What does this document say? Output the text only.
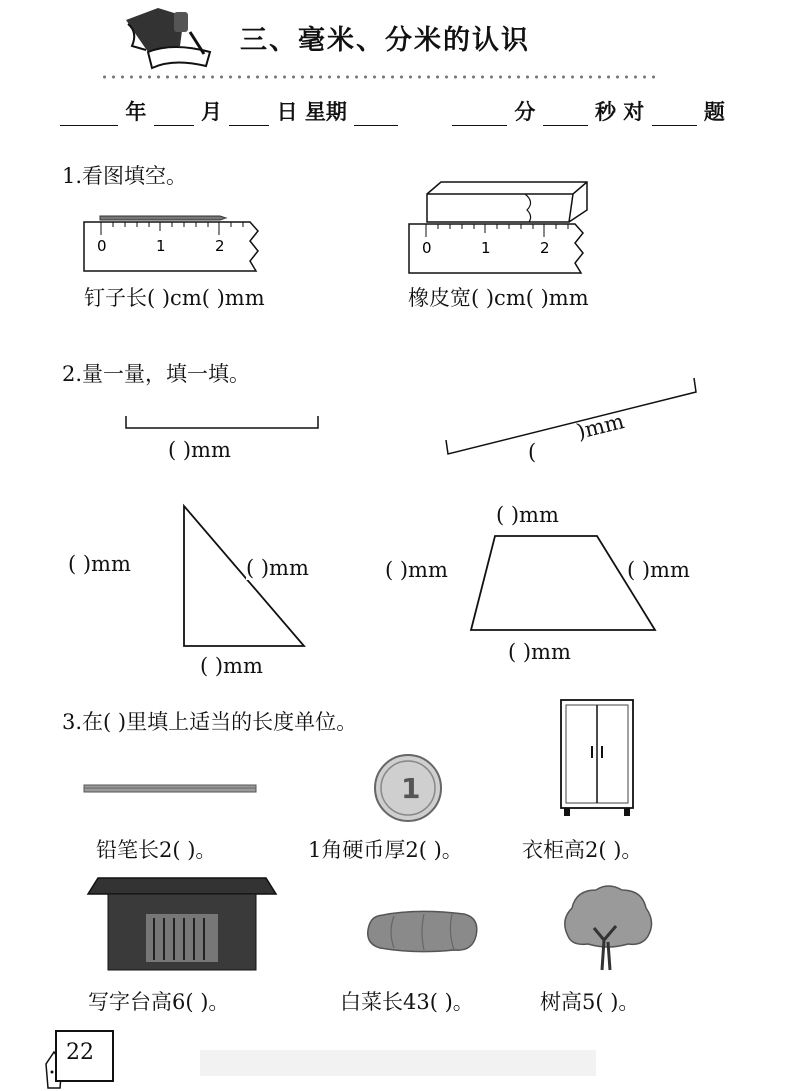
三、毫米、分米的认识
年	月	日 星期	分	秒 对	题
1.看图填空。
0	1	2
钉子长( )cm( )mm
0	1	2
橡皮宽( )cm( )mm
2.量一量，填一填。
( )mm	(
)mm
( )mm	( )mm
( )mm
( )mm
( )mm	( )mm
( )mm
3.在( )里填上适当的长度单位。
1
铅笔长2( )。	1角硬币厚2( )。	衣柜高2( )。
写字台高6( )。	白菜长43( )。	树高5( )。
22
